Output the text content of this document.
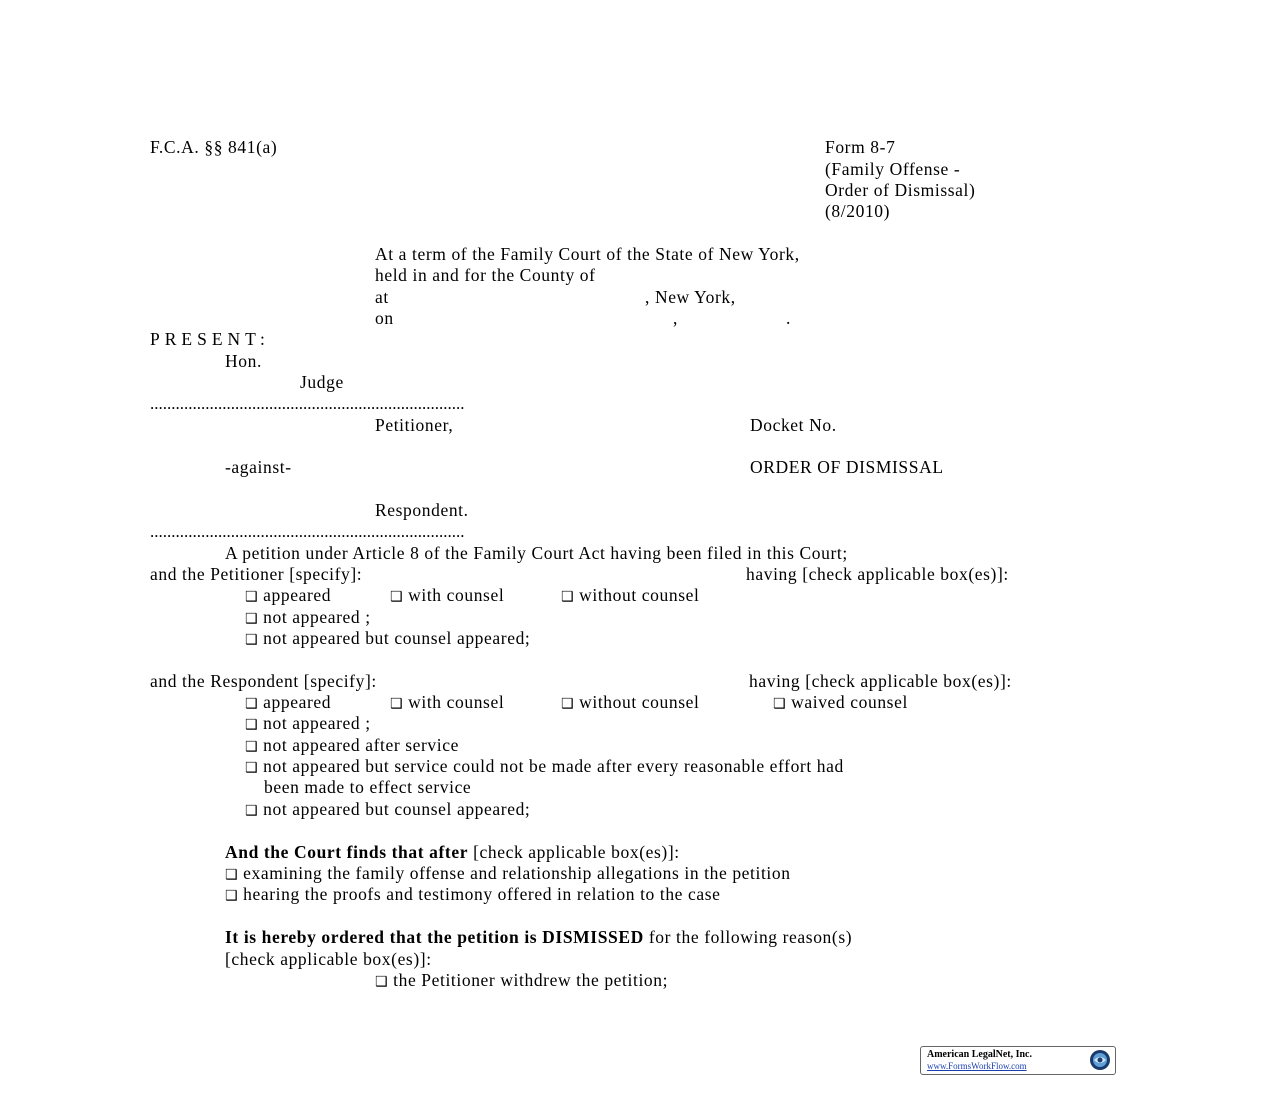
F.C.A. §§ 841(a)	Form 8-7
(Family Offense -
Order of Dismissal)
(8/2010)
At a term of the Family Court of the State of New York,
held in and for the County of
at	, New York,
on	,	.
PRESENT:
Hon.
Judge
..........................................................................
Petitioner,	Docket No.
-against-	ORDER OF DISMISSAL
Respondent.
..........................................................................
A petition under Article 8 of the Family Court Act having been filed in this Court;
and the Petitioner [specify]:	having [check applicable box(es)]:
❑ appeared	❑ with counsel	❑ without counsel
❑ not appeared ;
❑ not appeared but counsel appeared;
and the Respondent [specify]:	having [check applicable box(es)]:
❑ appeared	❑ with counsel	❑ without counsel	❑ waived counsel
❑ not appeared ;
❑ not appeared after service
❑ not appeared but service could not be made after every reasonable effort had
been made to effect service
❑ not appeared but counsel appeared;
And the Court finds that after [check applicable box(es)]:
❑ examining the family offense and relationship allegations in the petition
❑ hearing the proofs and testimony offered in relation to the case
It is hereby ordered that the petition is DISMISSED for the following reason(s)
[check applicable box(es)]:
❑ the Petitioner withdrew the petition;
American LegalNet, Inc.
www.FormsWorkFlow.com
